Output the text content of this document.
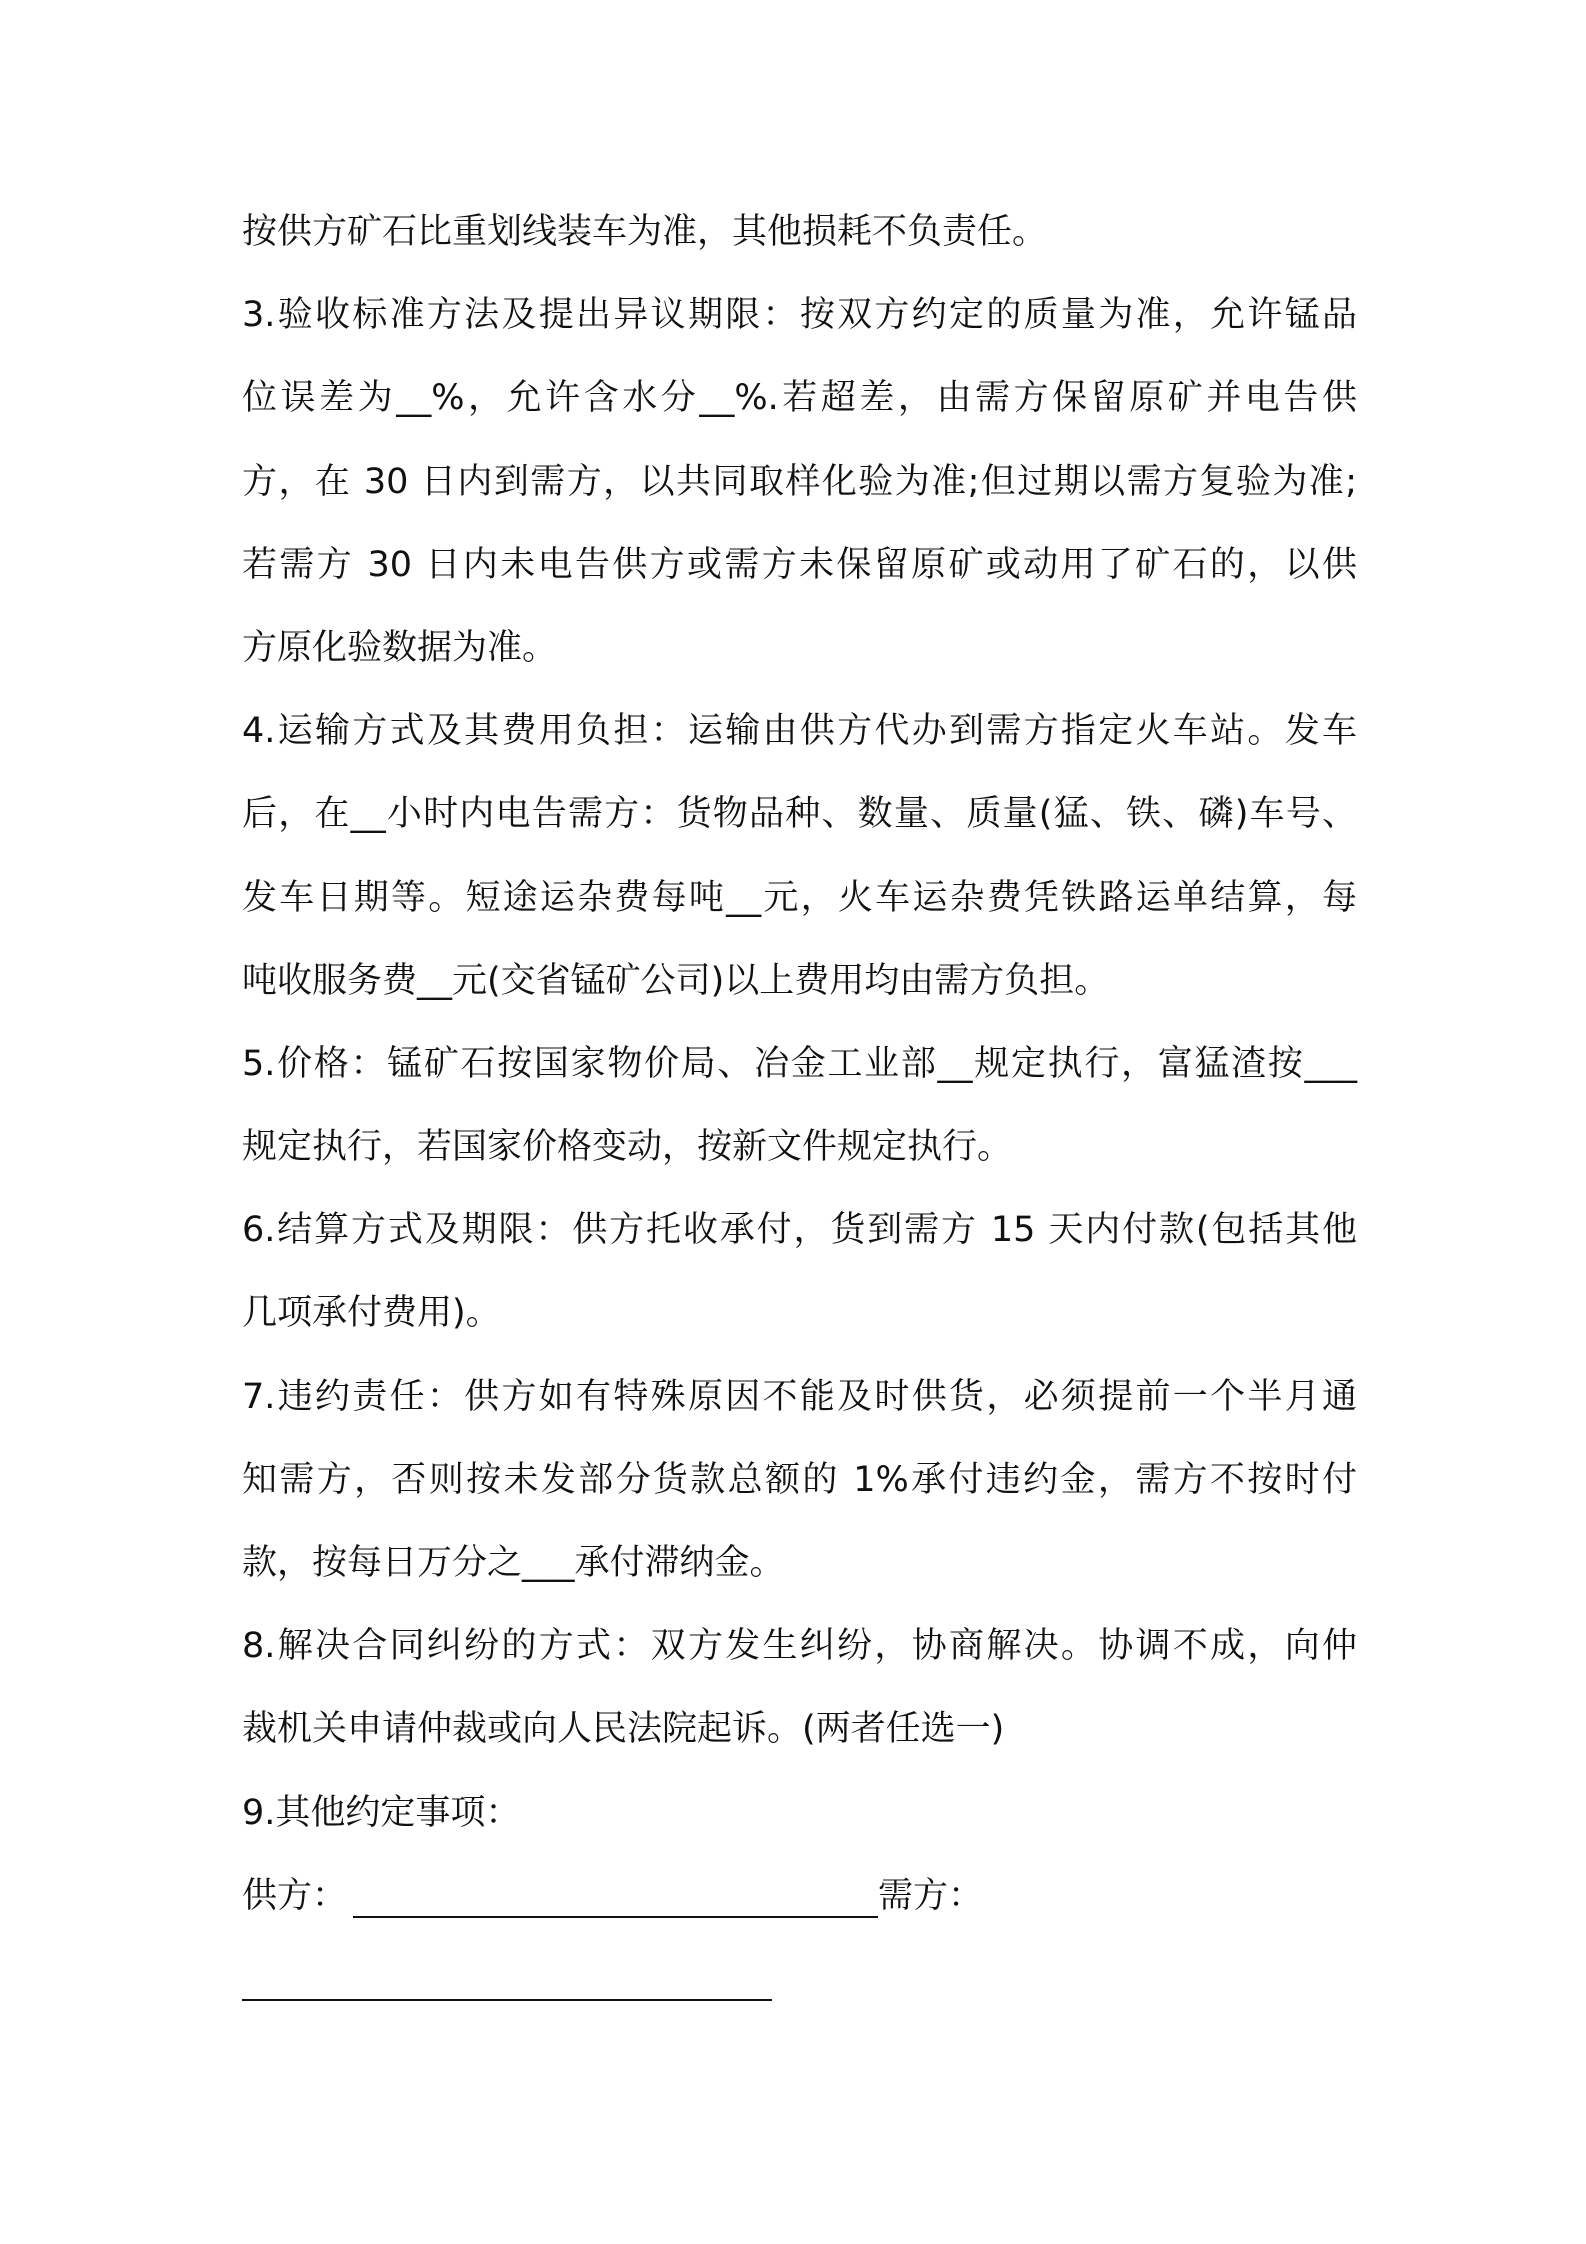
按供方矿石比重划线装车为准，其他损耗不负责任。

3.验收标准方法及提出异议期限：按双方约定的质量为准，允许锰品

位误差为__%，允许含水分__%.若超差，由需方保留原矿并电告供

方，在 30 日内到需方，以共同取样化验为准;但过期以需方复验为准;

若需方 30 日内未电告供方或需方未保留原矿或动用了矿石的，以供

方原化验数据为准。

4.运输方式及其费用负担：运输由供方代办到需方指定火车站。发车

后，在__小时内电告需方：货物品种、数量、质量(猛、铁、磷)车号、

发车日期等。短途运杂费每吨__元，火车运杂费凭铁路运单结算，每

吨收服务费__元(交省锰矿公司)以上费用均由需方负担。

5.价格：锰矿石按国家物价局、冶金工业部__规定执行，富猛渣按___

规定执行，若国家价格变动，按新文件规定执行。

6.结算方式及期限：供方托收承付，货到需方 15 天内付款(包括其他

几项承付费用)。

7.违约责任：供方如有特殊原因不能及时供货，必须提前一个半月通

知需方，否则按未发部分货款总额的 1%承付违约金，需方不按时付

款，按每日万分之___承付滞纳金。

8.解决合同纠纷的方式：双方发生纠纷，协商解决。协调不成，向仲

裁机关申请仲裁或向人民法院起诉。(两者任选一)

9.其他约定事项：

供方：	需方：
